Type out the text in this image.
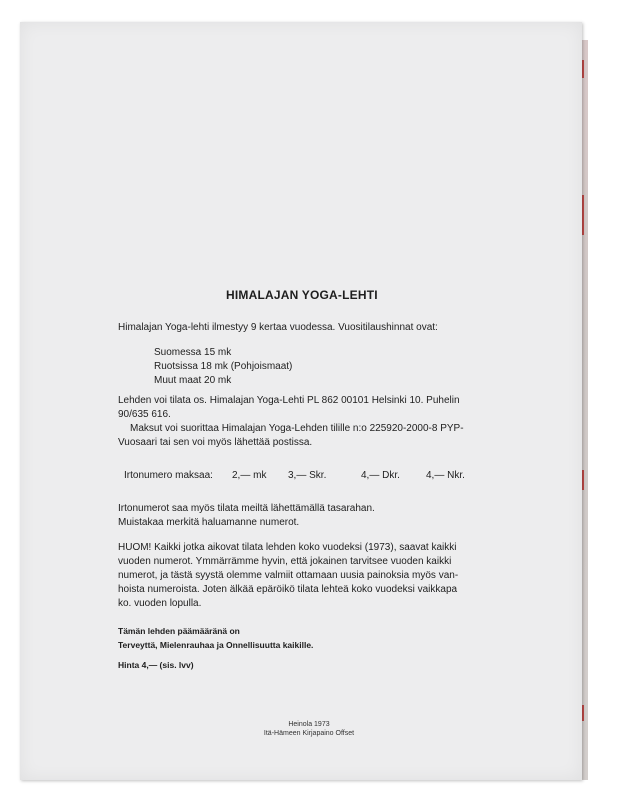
HIMALAJAN YOGA-LEHTI
Himalajan Yoga-lehti ilmestyy 9 kertaa vuodessa. Vuositilaushinnat ovat:
Suomessa 15 mk
Ruotsissa 18 mk (Pohjoismaat)
Muut maat 20 mk
Lehden voi tilata os. Himalajan Yoga-Lehti PL 862 00101 Helsinki 10. Puhelin
90/635 616.
Maksut voi suorittaa Himalajan Yoga-Lehden tilille n:o 225920-2000-8 PYP-
Vuosaari tai sen voi myös lähettää postissa.
Irtonumero maksaa: 2,— mk 3,— Skr.	4,— Dkr.	4,— Nkr.
Irtonumerot saa myös tilata meiltä lähettämällä tasarahan.
Muistakaa merkitä haluamanne numerot.
HUOM! Kaikki jotka aikovat tilata lehden koko vuodeksi (1973), saavat kaikki
vuoden numerot. Ymmärrämme hyvin, että jokainen tarvitsee vuoden kaikki
numerot, ja tästä syystä olemme valmiit ottamaan uusia painoksia myös van-
hoista numeroista. Joten älkää epäröikö tilata lehteä koko vuodeksi vaikkapa
ko. vuoden lopulla.
Tämän lehden päämääränä on
Terveyttä, Mielenrauhaa ja Onnellisuutta kaikille.
Hinta 4,— (sis. lvv)
Heinola 1973
Itä-Hämeen Kirjapaino Offset
